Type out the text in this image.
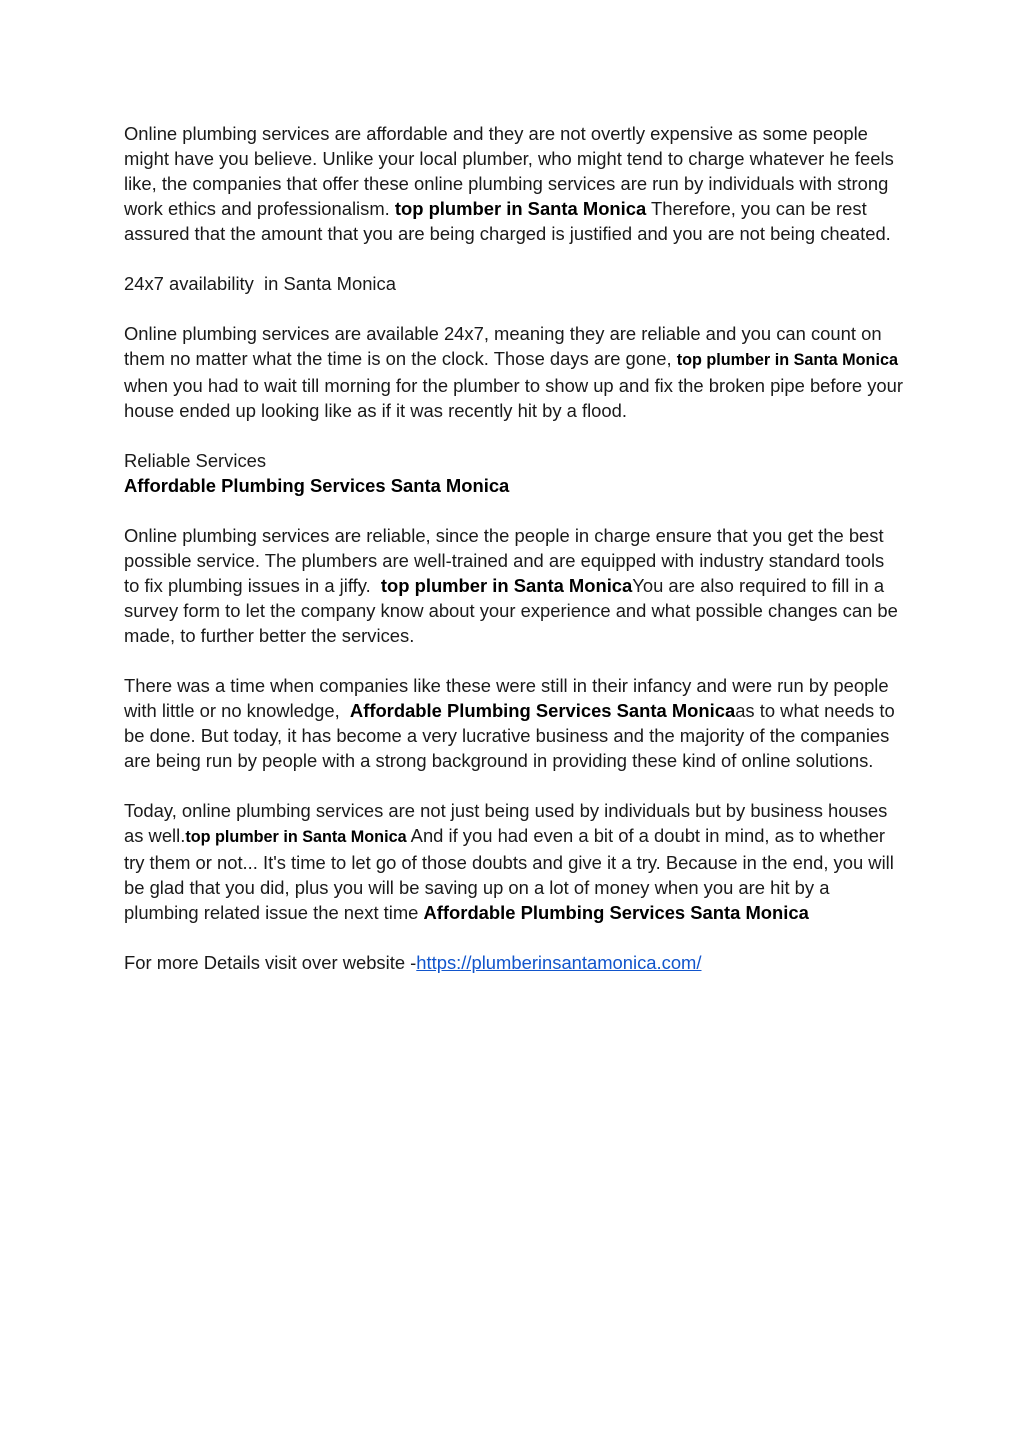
Online plumbing services are affordable and they are not overtly expensive as some people might have you believe. Unlike your local plumber, who might tend to charge whatever he feels like, the companies that offer these online plumbing services are run by individuals with strong work ethics and professionalism. top plumber in Santa Monica Therefore, you can be rest assured that the amount that you are being charged is justified and you are not being cheated.

24x7 availability  in Santa Monica

Online plumbing services are available 24x7, meaning they are reliable and you can count on them no matter what the time is on the clock. Those days are gone, top plumber in Santa Monica when you had to wait till morning for the plumber to show up and fix the broken pipe before your house ended up looking like as if it was recently hit by a flood.

Reliable Services

Affordable Plumbing Services Santa Monica

Online plumbing services are reliable, since the people in charge ensure that you get the best possible service. The plumbers are well-trained and are equipped with industry standard tools to fix plumbing issues in a jiffy.  top plumber in Santa MonicaYou are also required to fill in a survey form to let the company know about your experience and what possible changes can be made, to further better the services.

There was a time when companies like these were still in their infancy and were run by people with little or no knowledge,  Affordable Plumbing Services Santa Monicaas to what needs to be done. But today, it has become a very lucrative business and the majority of the companies are being run by people with a strong background in providing these kind of online solutions.

Today, online plumbing services are not just being used by individuals but by business houses as well.top plumber in Santa Monica And if you had even a bit of a doubt in mind, as to whether try them or not... It's time to let go of those doubts and give it a try. Because in the end, you will be glad that you did, plus you will be saving up on a lot of money when you are hit by a plumbing related issue the next time Affordable Plumbing Services Santa Monica

For more Details visit over website -https://plumberinsantamonica.com/
